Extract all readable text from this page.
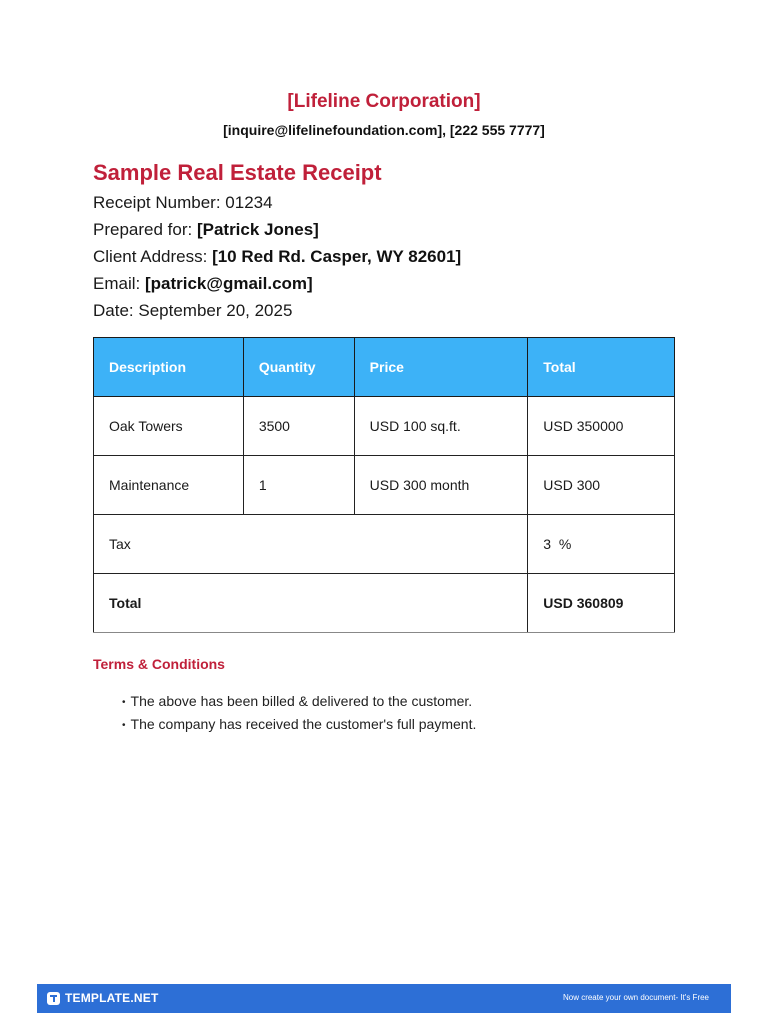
[Lifeline Corporation]
[inquire@lifelinefoundation.com], [222 555 7777]
Sample Real Estate Receipt
Receipt Number: 01234
Prepared for: [Patrick Jones]
Client Address: [10 Red Rd. Casper, WY 82601]
Email: [patrick@gmail.com]
Date: September 20, 2025
Description	Quantity	Price	Total
Oak Towers	3500	USD 100 sq.ft.	USD 350000
Maintenance	1	USD 300 month	USD 300
Tax			3  %
Total			USD 360809
Terms & Conditions
• The above has been billed & delivered to the customer.
• The company has received the customer's full payment.
TEMPLATE.NET	Now create your own document- It's Free
